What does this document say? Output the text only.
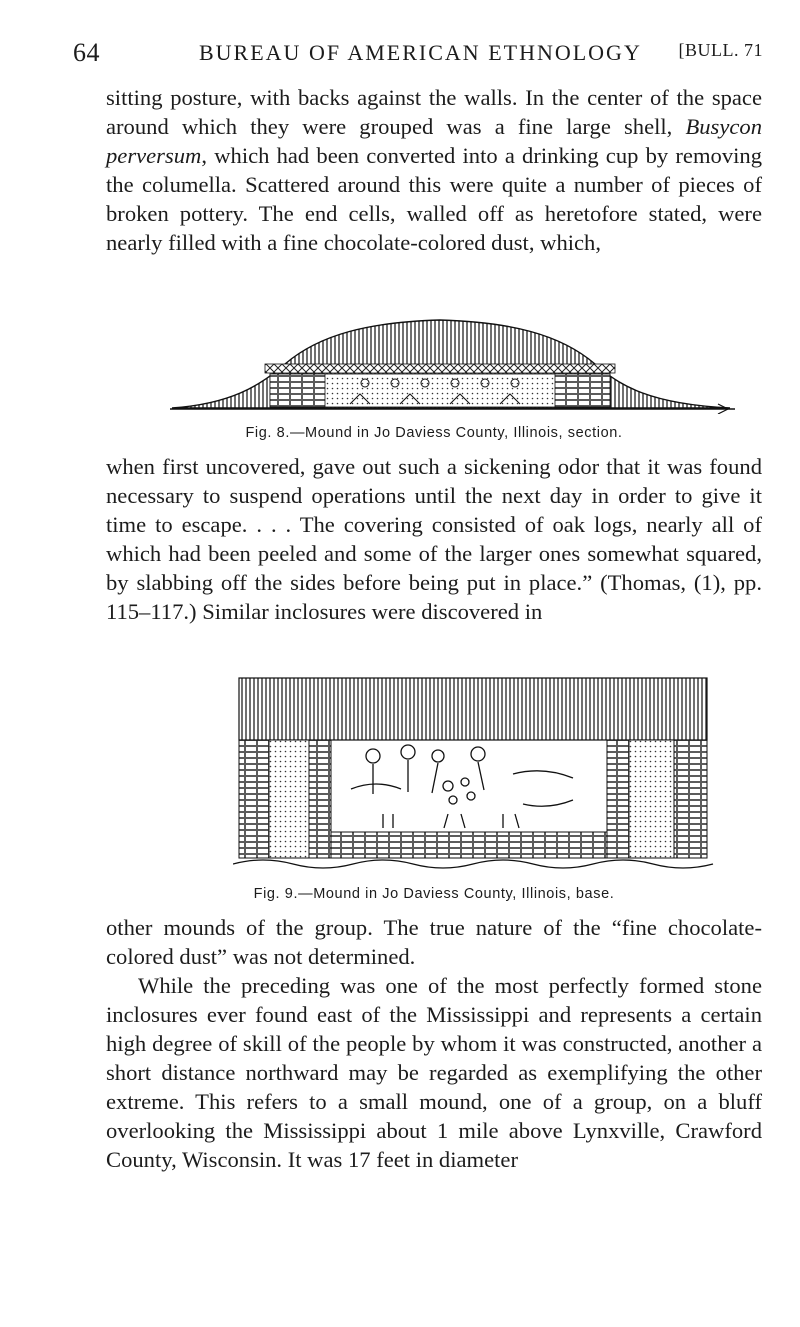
64	BUREAU OF AMERICAN ETHNOLOGY [BULL. 71

sitting posture, with backs against the walls. In the center of the space around which they were grouped was a fine large shell, Busycon perversum, which had been converted into a drinking cup by removing the columella. Scattered around this were quite a number of pieces of broken pottery. The end cells, walled off as heretofore stated, were nearly filled with a fine chocolate-colored dust, which,

Fig. 8.—Mound in Jo Daviess County, Illinois, section.

when first uncovered, gave out such a sickening odor that it was found necessary to suspend operations until the next day in order to give it time to escape. . . . The covering consisted of oak logs, nearly all of which had been peeled and some of the larger ones somewhat squared, by slabbing off the sides before being put in place.” (Thomas, (1), pp. 115–117.) Similar inclosures were discovered in

Fig. 9.—Mound in Jo Daviess County, Illinois, base.

other mounds of the group. The true nature of the “fine chocolate-colored dust” was not determined.

While the preceding was one of the most perfectly formed stone inclosures ever found east of the Mississippi and represents a certain high degree of skill of the people by whom it was constructed, another a short distance northward may be regarded as exemplifying the other extreme. This refers to a small mound, one of a group, on a bluff overlooking the Mississippi about 1 mile above Lynxville, Crawford County, Wisconsin. It was 17 feet in diameter
